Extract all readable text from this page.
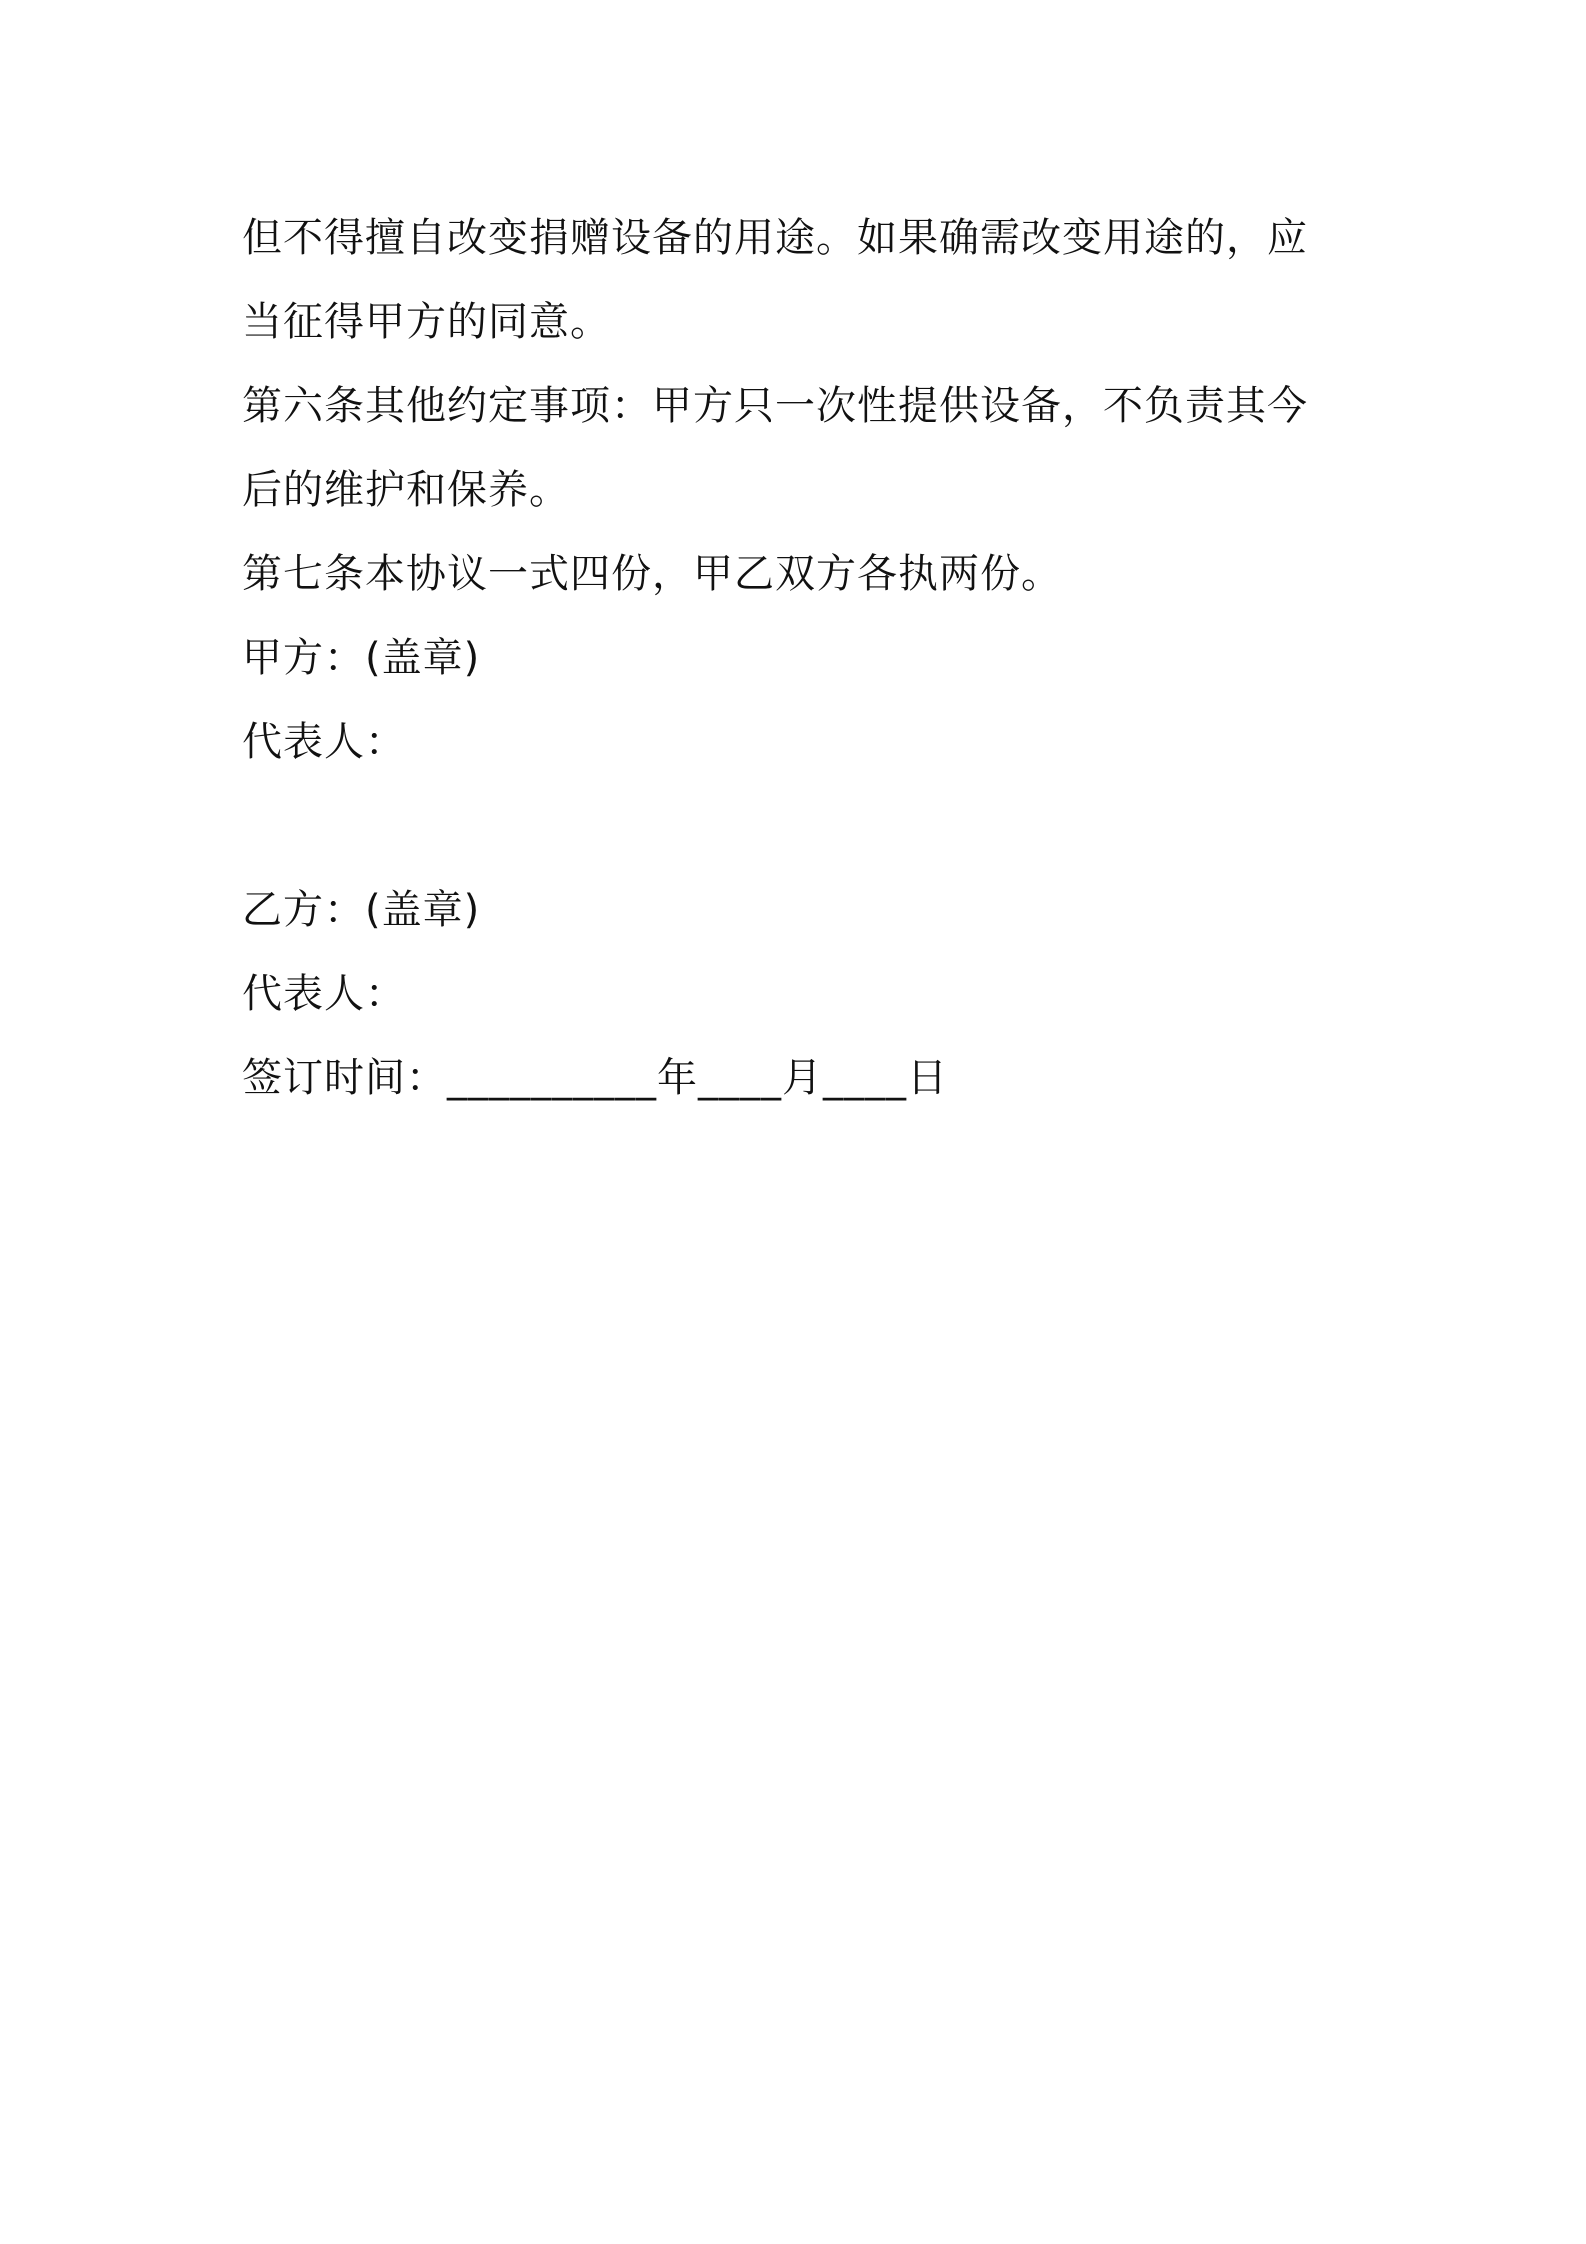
但不得擅自改变捐赠设备的用途。如果确需改变用途的，应
当征得甲方的同意。
第六条其他约定事项：甲方只一次性提供设备，不负责其今
后的维护和保养。
第七条本协议一式四份，甲乙双方各执两份。
甲方：(盖章)
代表人：
乙方：(盖章)
代表人：
签订时间：__________年____月____日
